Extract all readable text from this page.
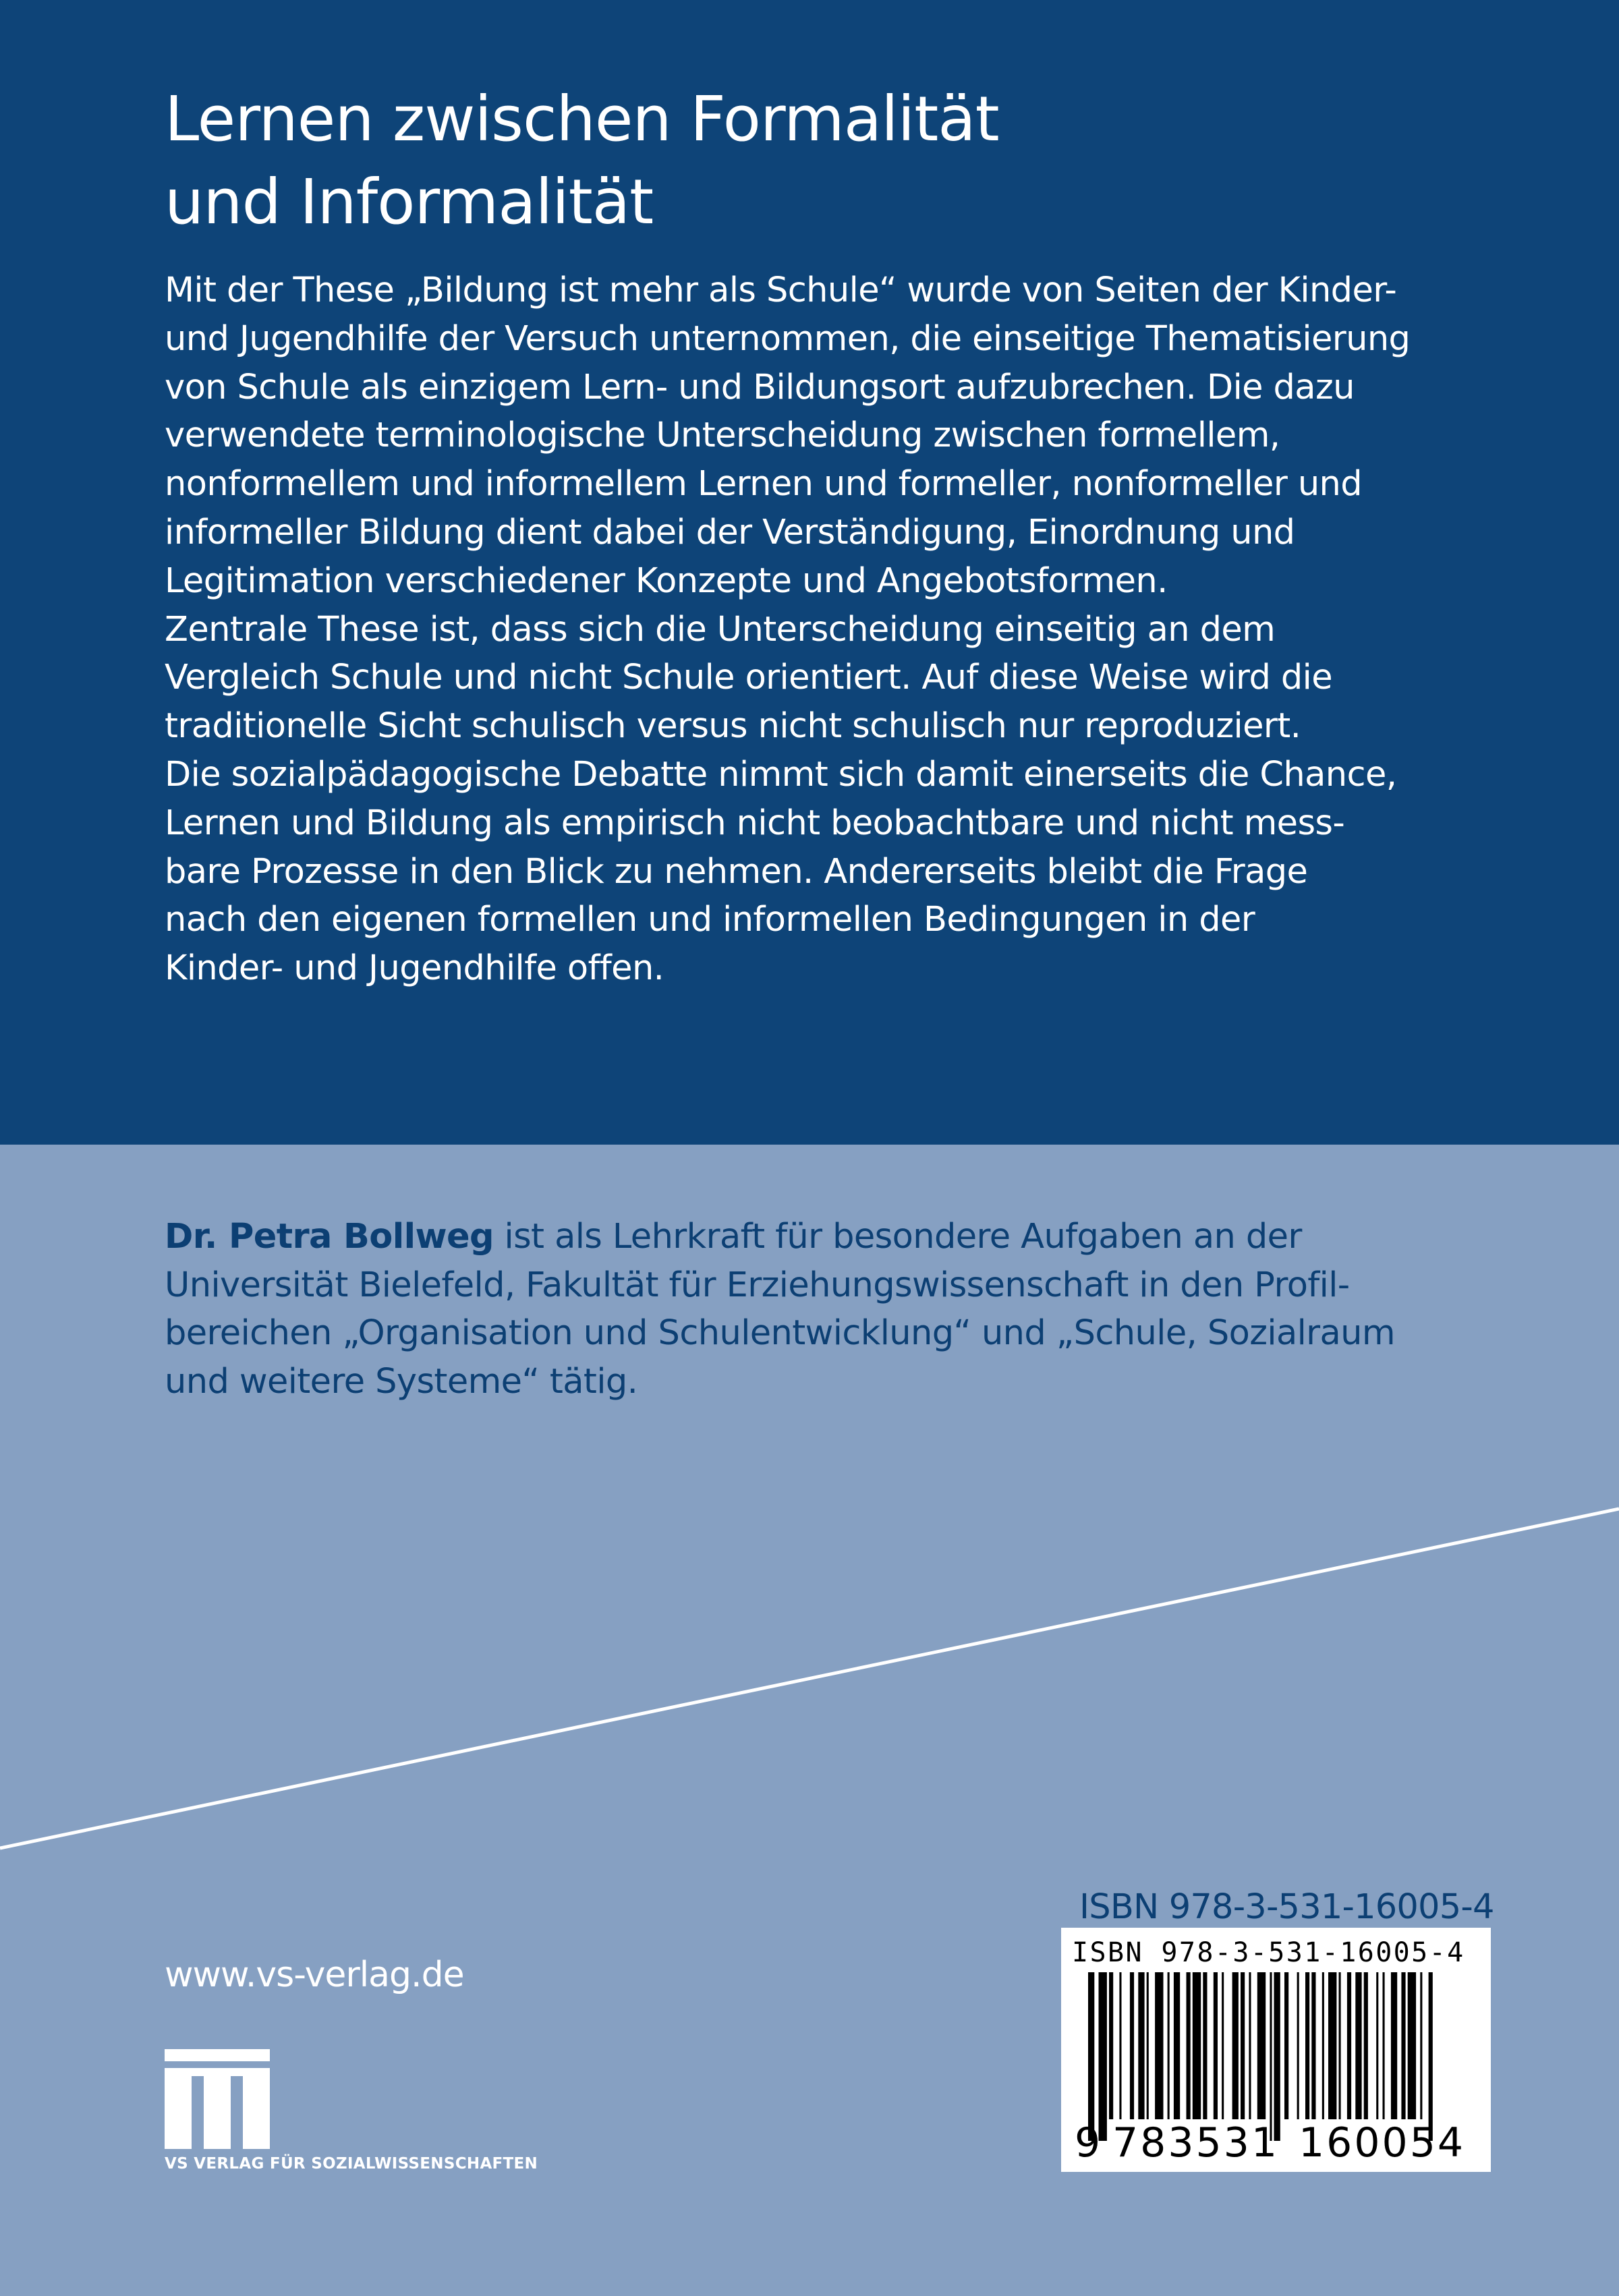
Lernen zwischen Formalität
und Informalität
Mit der These „Bildung ist mehr als Schule“ wurde von Seiten der Kinder-
und Jugendhilfe der Versuch unternommen, die einseitige Thematisierung
von Schule als einzigem Lern- und Bildungsort aufzubrechen. Die dazu
verwendete terminologische Unterscheidung zwischen formellem,
nonformellem und informellem Lernen und formeller, nonformeller und
informeller Bildung dient dabei der Verständigung, Einordnung und
Legitimation verschiedener Konzepte und Angebotsformen.
Zentrale These ist, dass sich die Unterscheidung einseitig an dem
Vergleich Schule und nicht Schule orientiert. Auf diese Weise wird die
traditionelle Sicht schulisch versus nicht schulisch nur reproduziert.
Die sozialpädagogische Debatte nimmt sich damit einerseits die Chance,
Lernen und Bildung als empirisch nicht beobachtbare und nicht mess-
bare Prozesse in den Blick zu nehmen. Andererseits bleibt die Frage
nach den eigenen formellen und informellen Bedingungen in der
Kinder- und Jugendhilfe offen.
Dr. Petra Bollweg ist als Lehrkraft für besondere Aufgaben an der
Universität Bielefeld, Fakultät für Erziehungswissenschaft in den Profil-
bereichen „Organisation und Schulentwicklung“ und „Schule, Sozialraum
und weitere Systeme“ tätig.
ISBN 978-3-531-16005-4
ISBN 978-3-531-16005-4
9 783531 160054
www.vs-verlag.de
VS VERLAG FÜR SOZIALWISSENSCHAFTEN
